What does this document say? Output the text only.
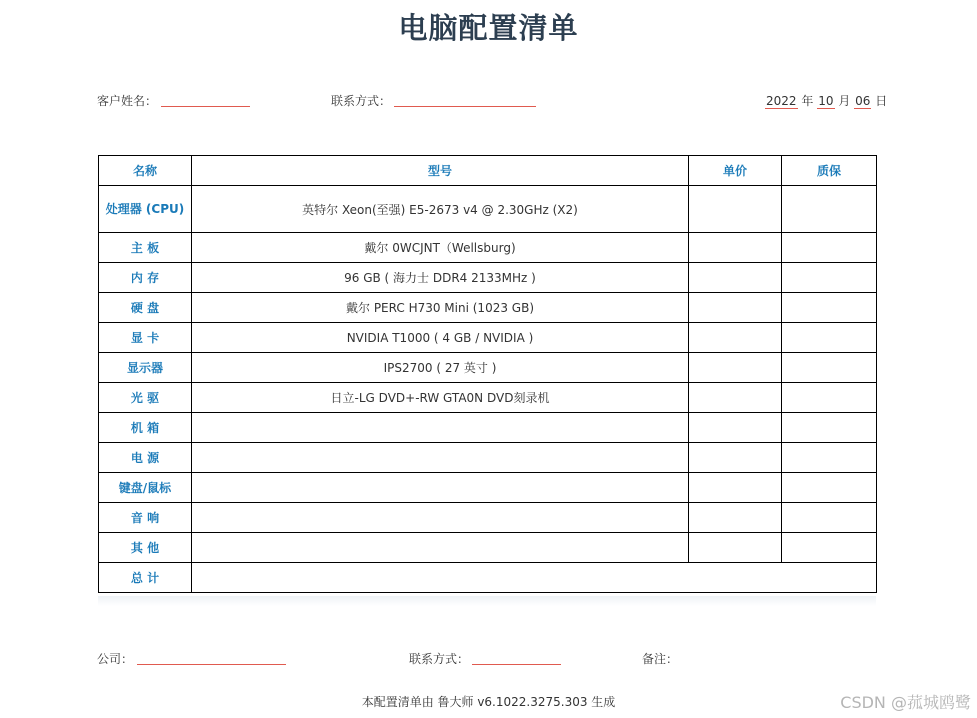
电脑配置清单
客户姓名：	联系方式：	2022 年 10 月 06 日
名称	型号	单价	质保
处理器 (CPU)	英特尔 Xeon(至强) E5-2673 v4 @ 2.30GHz (X2)		
主 板	戴尔 0WCJNT（Wellsburg)		
内 存	96 GB ( 海力士 DDR4 2133MHz )		
硬 盘	戴尔 PERC H730 Mini (1023 GB)		
显 卡	NVIDIA T1000 ( 4 GB / NVIDIA )		
显示器	IPS2700 ( 27 英寸 )		
光 驱	日立-LG DVD+-RW GTA0N DVD刻录机		
机 箱			
电 源			
键盘/鼠标			
音 响			
其 他			
总 计			
公司：	联系方式：	备注：
本配置清单由 鲁大师 v6.1022.3275.303 生成	CSDN @菰城鸥鹭
